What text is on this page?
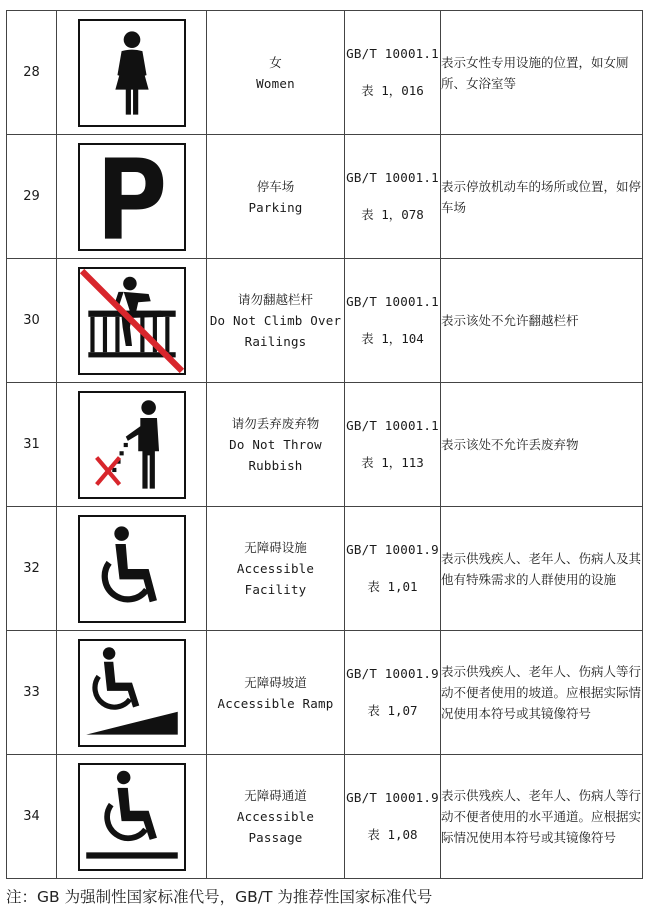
28		女
Women	GB/T 10001.1
表 1，016	表示女性专用设施的位置，如女厕所、女浴室等
29		停车场
Parking	GB/T 10001.1
表 1，078	表示停放机动车的场所或位置，如停车场
30		请勿翻越栏杆
Do Not Climb Over Railings	GB/T 10001.1
表 1，104	表示该处不允许翻越栏杆
31		请勿丢弃废弃物
Do Not Throw Rubbish	GB/T 10001.1
表 1，113	表示该处不允许丢废弃物
32		无障碍设施
Accessible Facility	GB/T 10001.9
表 1,01	表示供残疾人、老年人、伤病人及其他有特殊需求的人群使用的设施
33		无障碍坡道
Accessible Ramp	GB/T 10001.9
表 1,07	表示供残疾人、老年人、伤病人等行动不便者使用的坡道。应根据实际情况使用本符号或其镜像符号
34		无障碍通道
Accessible Passage	GB/T 10001.9
表 1,08	表示供残疾人、老年人、伤病人等行动不便者使用的水平通道。应根据实际情况使用本符号或其镜像符号
注：GB 为强制性国家标准代号，GB/T 为推荐性国家标准代号
